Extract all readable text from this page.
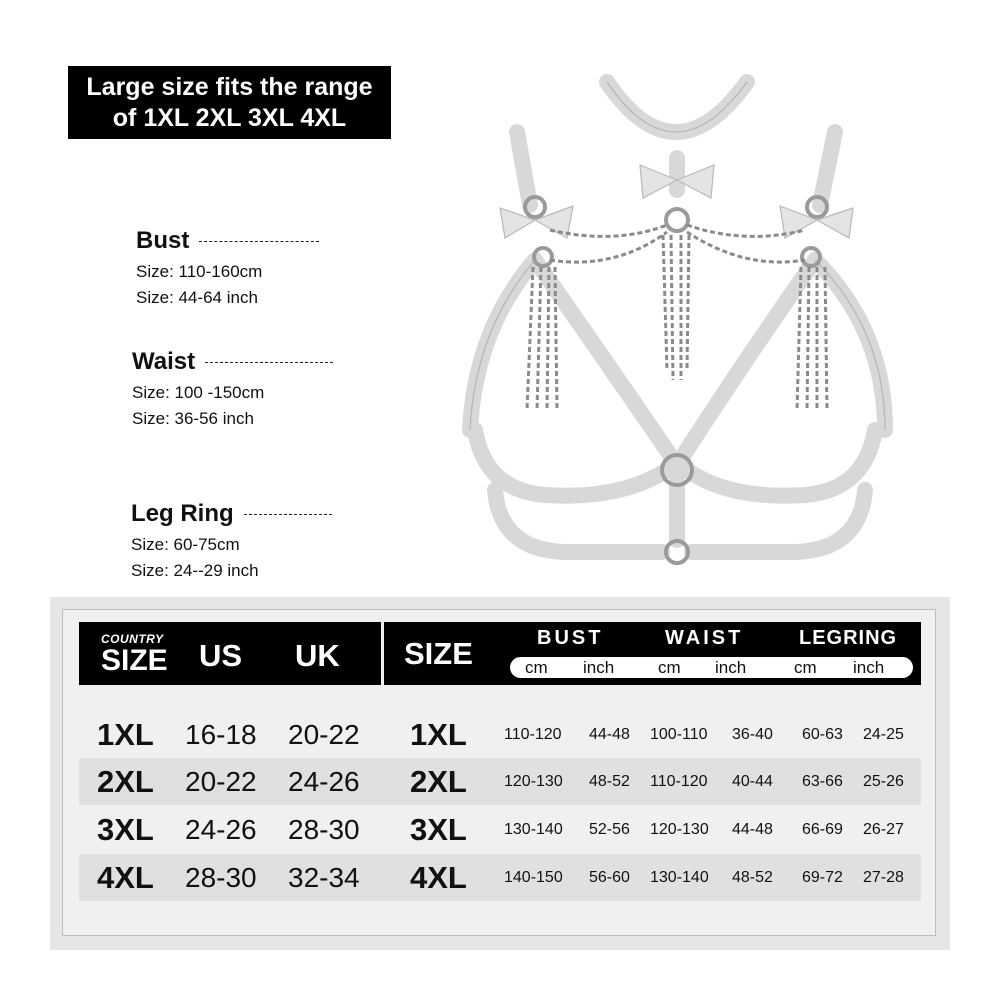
Large size fits the range
of 1XL 2XL 3XL 4XL
Bust
Size: 110-160cm
Size: 44-64 inch
Waist
Size: 100 -150cm
Size: 36-56 inch
Leg Ring
Size: 60-75cm
Size: 24--29 inch
COUNTRY
SIZE US UK SIZE	BUST	WAIST	LEGRING
cm inch	cm inch	cm inch
1XL 16-18 20-22 1XL 110-120 44-48 100-110 36-40 60-63 24-25
2XL 20-22 24-26 2XL 120-130 48-52 110-120 40-44 63-66 25-26
3XL 24-26 28-30 3XL 130-140 52-56 120-130 44-48 66-69 26-27
4XL 28-30 32-34 4XL 140-150 56-60 130-140 48-52 69-72 27-28
